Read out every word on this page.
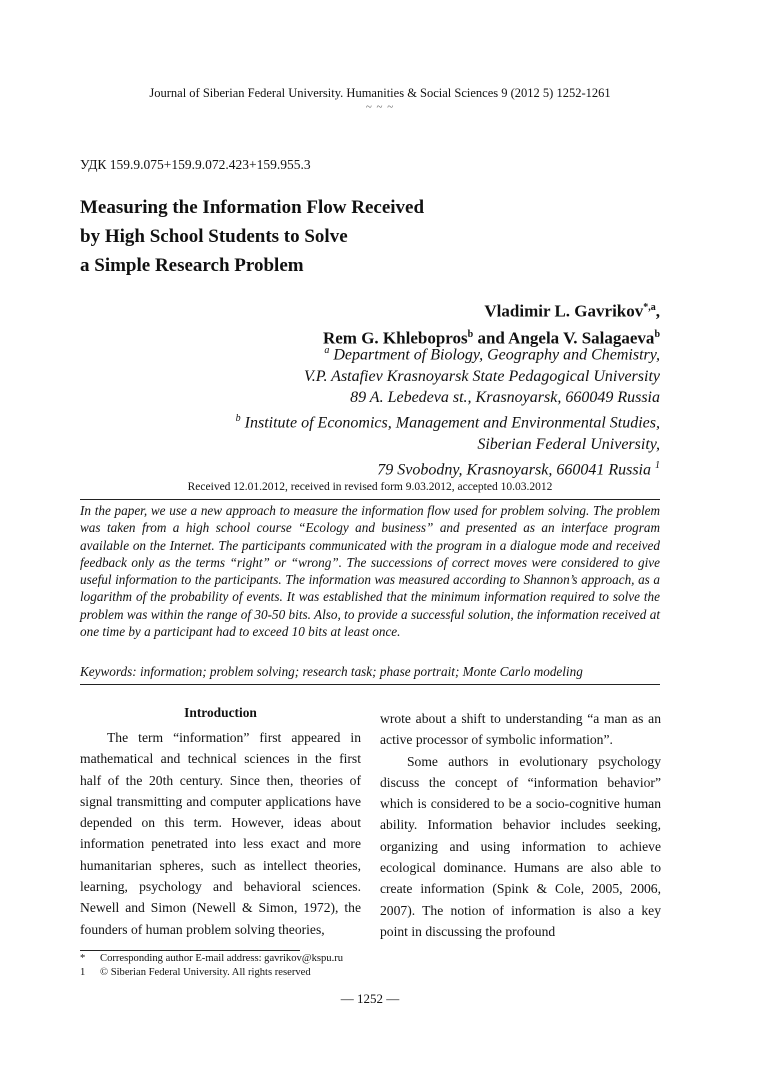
Journal of Siberian Federal University. Humanities & Social Sciences 9 (2012 5) 1252-1261
~ ~ ~
УДК 159.9.075+159.9.072.423+159.955.3
Measuring the Information Flow Received
by High School Students to Solve
a Simple Research Problem
Vladimir L. Gavrikov$^{*,a}$,
Rem G. Khlebopros$^b$ and Angela V. Salagaeva$^b$
$^a$ Department of Biology, Geography and Chemistry,
V.P. Astafiev Krasnoyarsk State Pedagogical University
89 A. Lebedeva st., Krasnoyarsk, 660049 Russia
$^b$ Institute of Economics, Management and Environmental Studies,
Siberian Federal University,
79 Svobodny, Krasnoyarsk, 660041 Russia $^1$
Received 12.01.2012, received in revised form 9.03.2012, accepted 10.03.2012
In the paper, we use a new approach to measure the information flow used for problem solving. The problem was taken from a high school course “Ecology and business” and presented as an interface program available on the Internet. The participants communicated with the program in a dialogue mode and received feedback only as the terms “right” or “wrong”. The successions of correct moves were considered to give useful information to the participants. The information was measured according to Shannon’s approach, as a logarithm of the probability of events. It was established that the minimum information required to solve the problem was within the range of 30-50 bits. Also, to provide a successful solution, the information received at one time by a participant had to exceed 10 bits at least once.
Keywords: information; problem solving; research task; phase portrait; Monte Carlo modeling
Introduction

The term “information” first appeared in mathematical and technical sciences in the first half of the 20th century. Since then, theories of signal transmitting and computer applications have depended on this term. However, ideas about information penetrated into less exact and more humanitarian spheres, such as intellect theories, learning, psychology and behavioral sciences. Newell and Simon (Newell & Simon, 1972), the founders of human problem solving theories,

wrote about a shift to understanding “a man as an active processor of symbolic information”.

Some authors in evolutionary psychology discuss the concept of “information behavior” which is considered to be a socio-cognitive human ability. Information behavior includes seeking, organizing and using information to achieve ecological dominance. Humans are also able to create information (Spink & Cole, 2005, 2006, 2007). The notion of information is also a key point in discussing the profound

* Corresponding author E-mail address: gavrikov@kspu.ru
1 © Siberian Federal University. All rights reserved
— 1252 —
